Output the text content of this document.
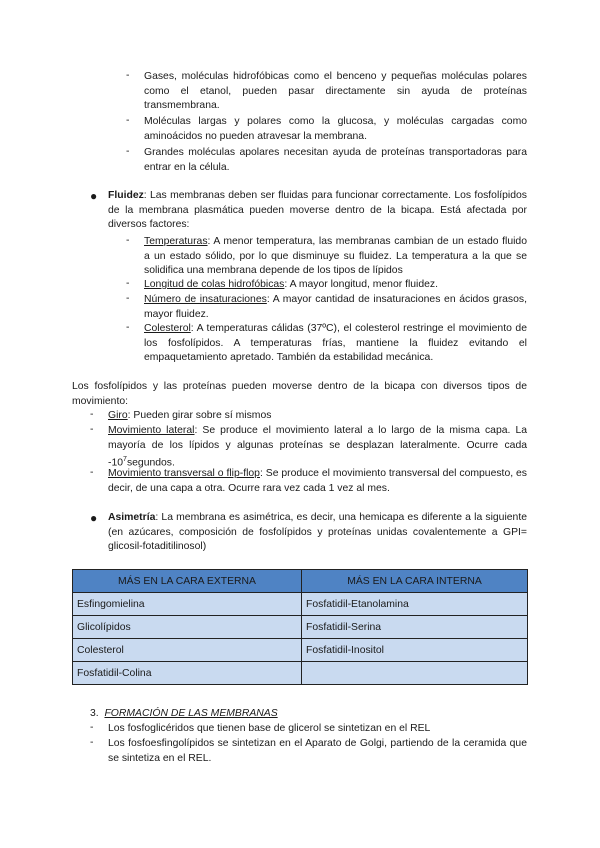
-	Gases, moléculas hidrofóbicas como el benceno y pequeñas moléculas polares como el etanol, pueden pasar directamente sin ayuda de proteínas transmembrana.
-	Moléculas largas y polares como la glucosa, y moléculas cargadas como aminoácidos no pueden atravesar la membrana.
-	Grandes moléculas apolares necesitan ayuda de proteínas transportadoras para entrar en la célula.
● Fluidez: Las membranas deben ser fluidas para funcionar correctamente. Los fosfolípidos de la membrana plasmática pueden moverse dentro de la bicapa. Está afectada por diversos factores:
-	Temperaturas: A menor temperatura, las membranas cambian de un estado fluido a un estado sólido, por lo que disminuye su fluidez. La temperatura a la que se solidifica una membrana depende de los tipos de lípidos
-	Longitud de colas hidrofóbicas: A mayor longitud, menor fluidez.
-	Número de insaturaciones: A mayor cantidad de insaturaciones en ácidos grasos, mayor fluidez.
-	Colesterol: A temperaturas cálidas (37ºC), el colesterol restringe el movimiento de los fosfolípidos. A temperaturas frías, mantiene la fluidez evitando el empaquetamiento apretado. También da estabilidad mecánica.
Los fosfolípidos y las proteínas pueden moverse dentro de la bicapa con diversos tipos de movimiento:
-	Giro: Pueden girar sobre sí mismos
-	Movimiento lateral: Se produce el movimiento lateral a lo largo de la misma capa. La mayoría de los lípidos y algunas proteínas se desplazan lateralmente. Ocurre cada $-10^7segundos$.
-	Movimiento transversal o flip-flop: Se produce el movimiento transversal del compuesto, es decir, de una capa a otra. Ocurre rara vez cada 1 vez al mes.
● Asimetría: La membrana es asimétrica, es decir, una hemicapa es diferente a la siguiente (en azúcares, composición de fosfolípidos y proteínas unidas covalentemente a GPI= glicosil-fotaditilinosol)
MÁS EN LA CARA EXTERNA	MÁS EN LA CARA INTERNA
Esfingomielina	Fosfatidil-Etanolamina
Glicolípidos	Fosfatidil-Serina
Colesterol	Fosfatidil-Inositol
Fosfatidil-Colina	
3. FORMACIÓN DE LAS MEMBRANAS
-	Los fosfoglicéridos que tienen base de glicerol se sintetizan en el REL
-	Los fosfoesfingolípidos se sintetizan en el Aparato de Golgi, partiendo de la ceramida que se sintetiza en el REL.
